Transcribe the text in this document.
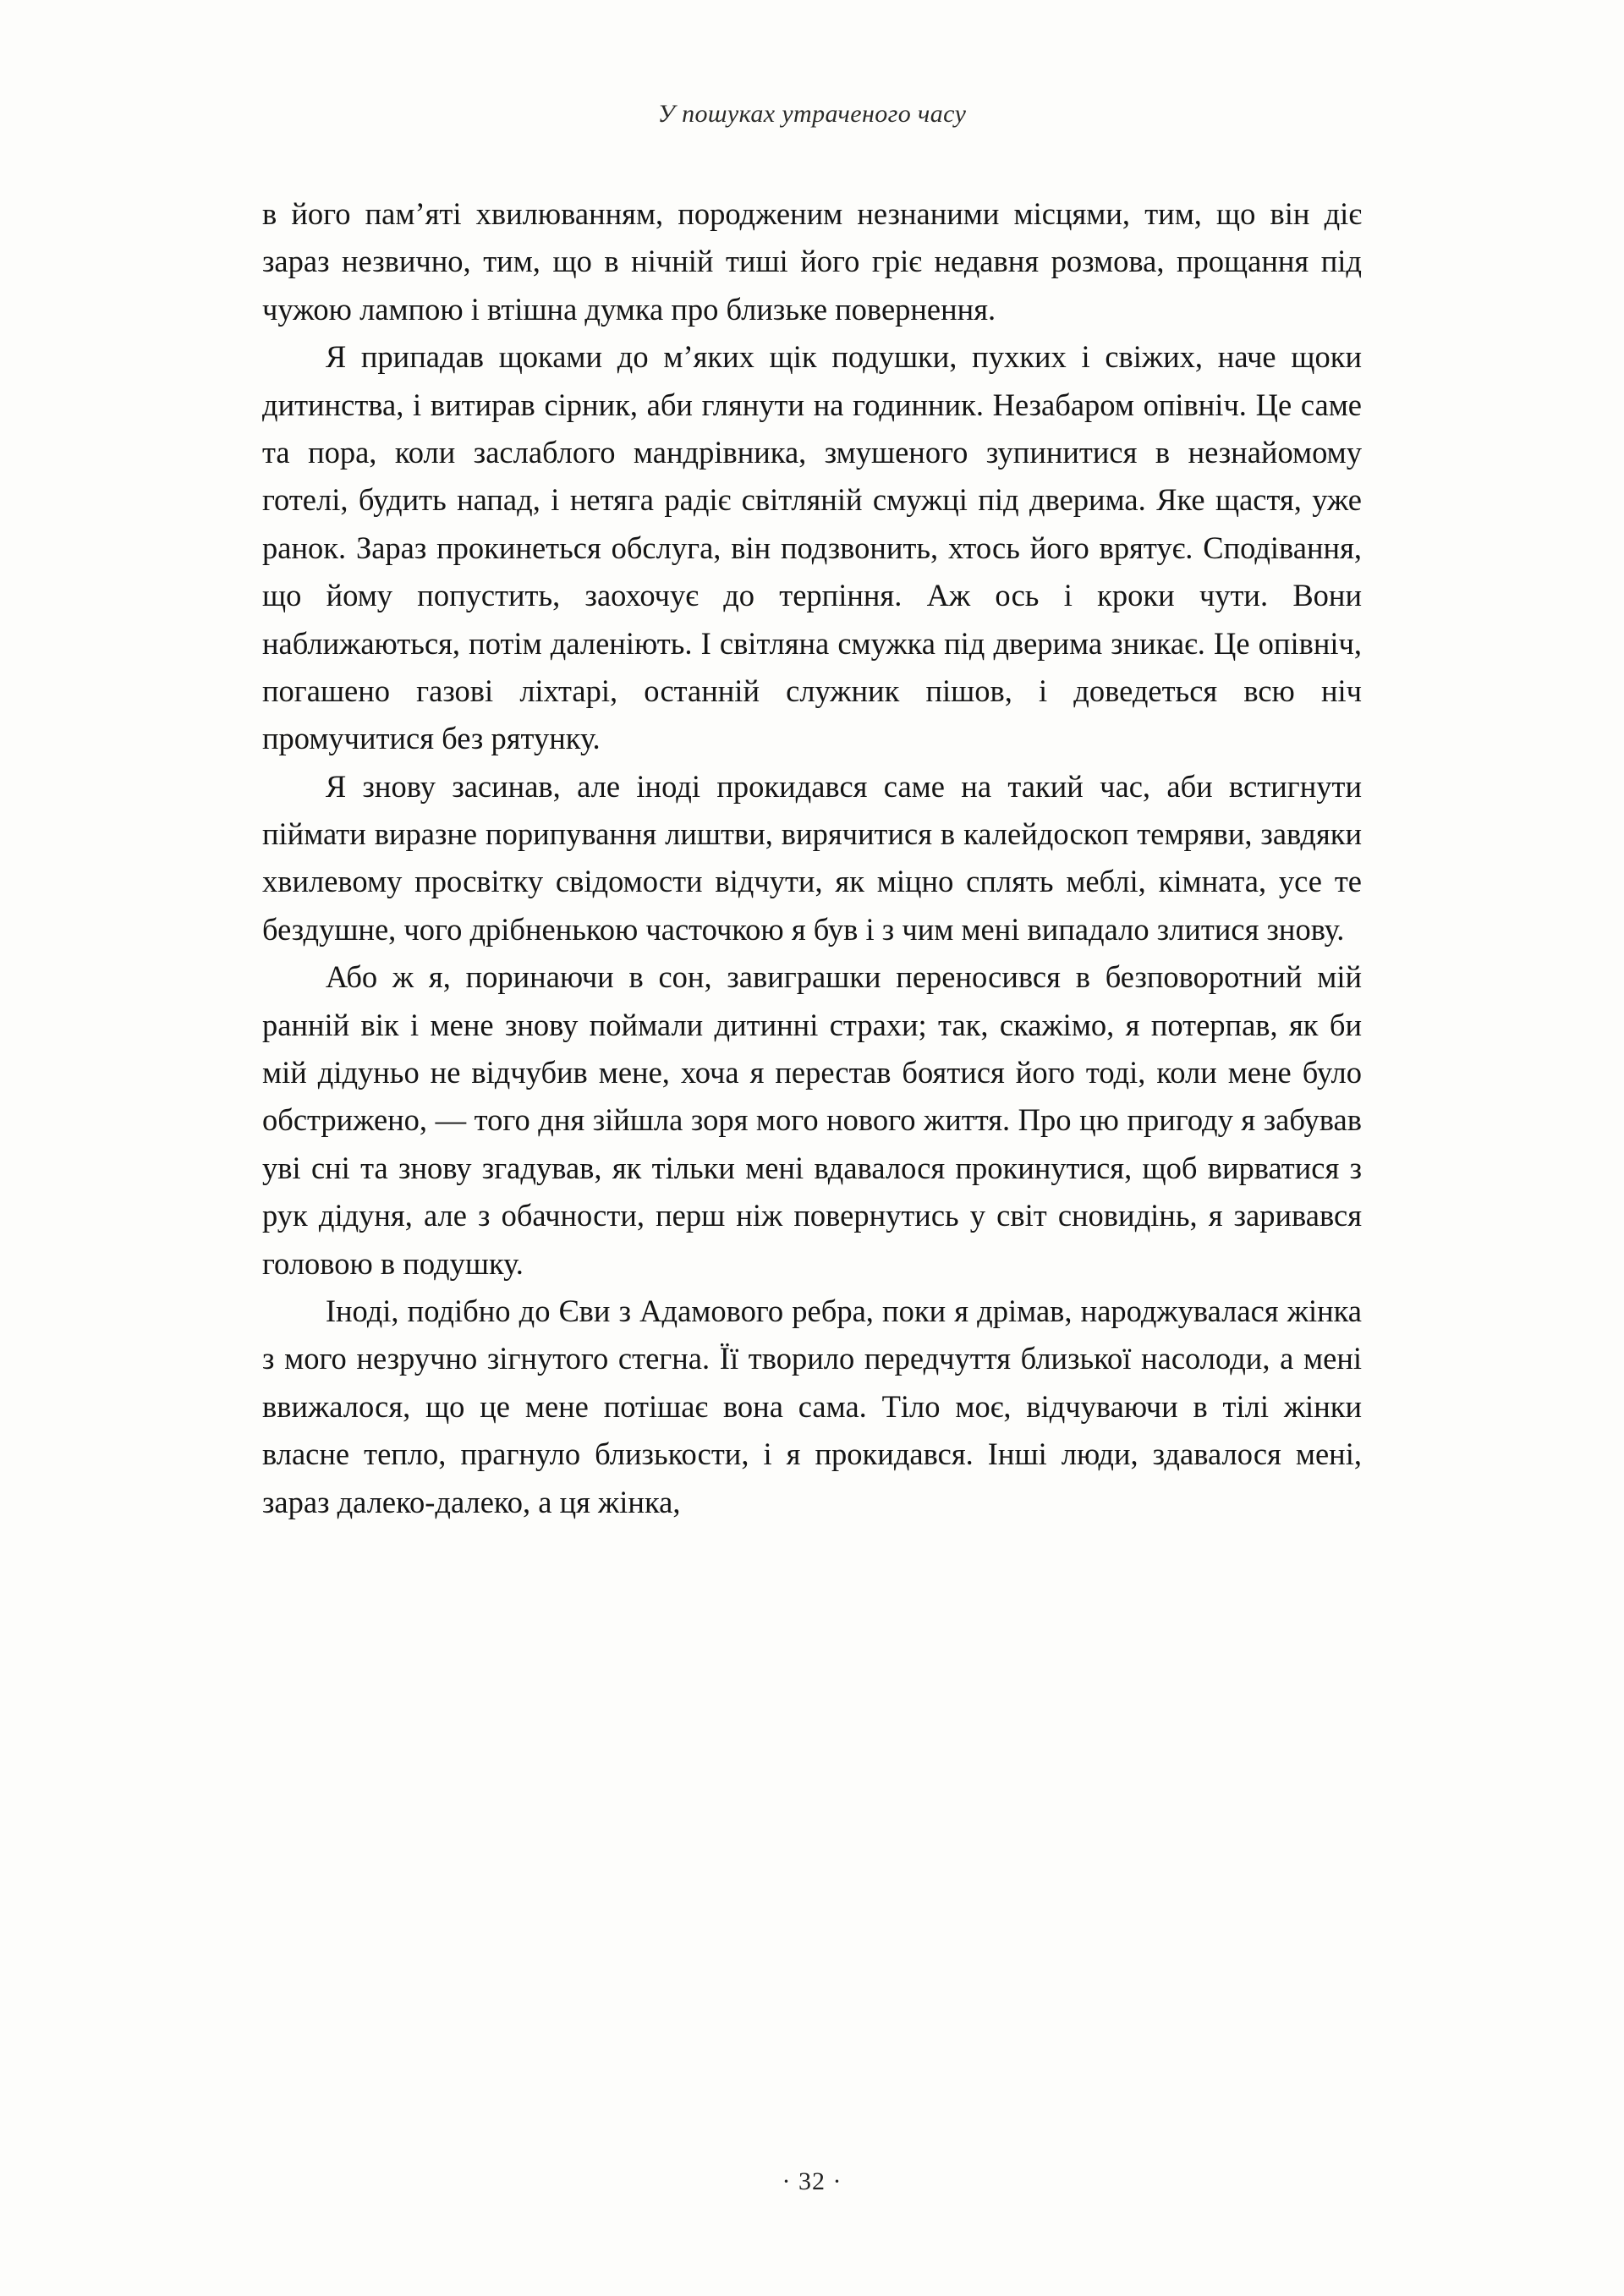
У пошуках утраченого часу

в його пам’яті хвилюванням, породженим незнаними місцями, тим, що він діє зараз незвично, тим, що в нічній тиші його гріє недавня розмова, прощання під чужою лампою і втішна думка про близьке повернення.

Я припадав щоками до м’яких щік подушки, пухких і свіжих, наче щоки дитинства, і витирав сірник, аби глянути на годинник. Незабаром опівніч. Це саме та пора, коли заслаблого мандрівника, змушеного зупинитися в незнайомому готелі, будить напад, і нетяга радіє світляній смужці під дверима. Яке щастя, уже ранок. Зараз прокинеться обслуга, він подзвонить, хтось його врятує. Сподівання, що йому попустить, заохочує до терпіння. Аж ось і кроки чути. Вони наближаються, потім даленіють. І світляна смужка під дверима зникає. Це опівніч, погашено газові ліхтарі, останній служник пішов, і доведеться всю ніч промучитися без рятунку.

Я знову засинав, але іноді прокидався саме на такий час, аби встигнути піймати виразне порипування лиштви, вирячитися в калейдоскоп темряви, завдяки хвилевому просвітку свідомости відчути, як міцно сплять меблі, кімната, усе те бездушне, чого дрібненькою часточкою я був і з чим мені випадало злитися знову.

Або ж я, поринаючи в сон, завиграшки переносився в безповоротний мій ранній вік і мене знову поймали дитинні страхи; так, скажімо, я потерпав, як би мій дідуньо не відчубив мене, хоча я перестав боятися його тоді, коли мене було обстрижено, — того дня зійшла зоря мого нового життя. Про цю пригоду я забував уві сні та знову згадував, як тільки мені вдавалося прокинутися, щоб вирватися з рук дідуня, але з обачности, перш ніж повернутись у світ сновидінь, я заривався головою в подушку.

Іноді, подібно до Єви з Адамового ребра, поки я дрімав, народжувалася жінка з мого незручно зігнутого стегна. Її творило передчуття близької насолоди, а мені ввижалося, що це мене потішає вона сама. Тіло моє, відчуваючи в тілі жінки власне тепло, прагнуло близькости, і я прокидався. Інші люди, здавалося мені, зараз далеко-далеко, а ця жінка,

· 32 ·
